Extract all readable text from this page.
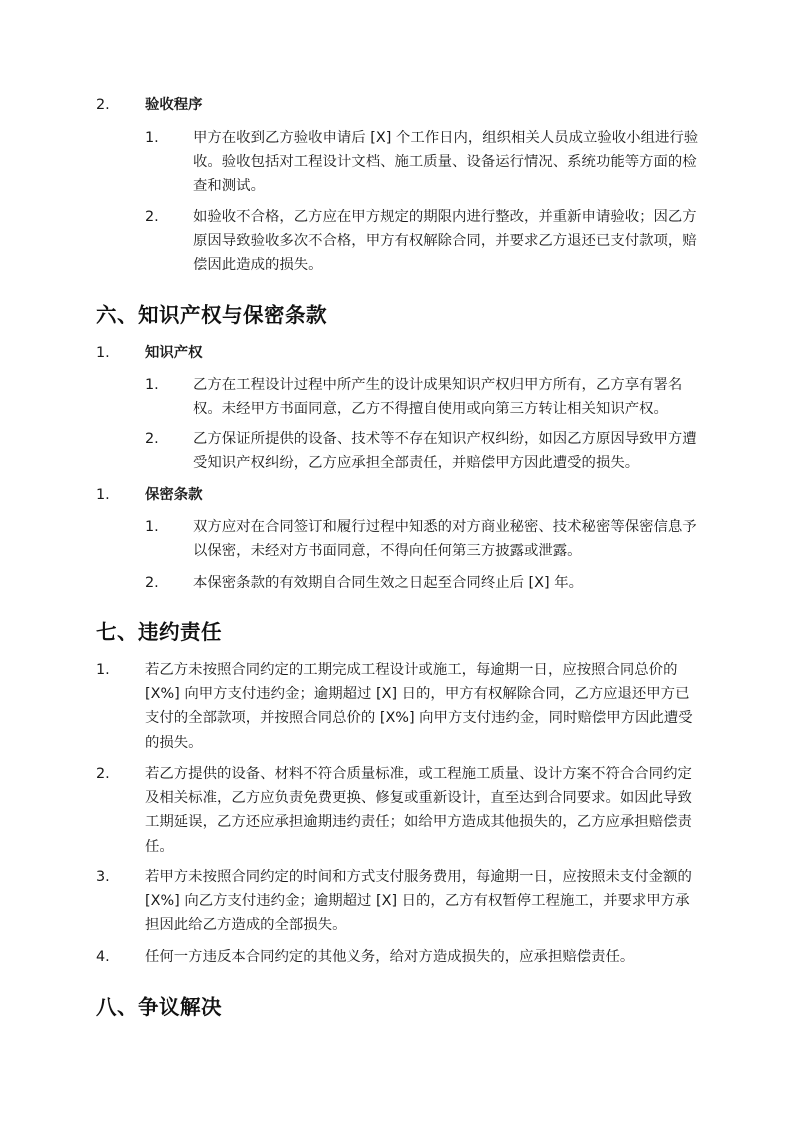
2. 验收程序
1. 甲方在收到乙方验收申请后 [X] 个工作日内，组织相关人员成立验收小组进行验收。验收包括对工程设计文档、施工质量、设备运行情况、系统功能等方面的检查和测试。
2. 如验收不合格，乙方应在甲方规定的期限内进行整改，并重新申请验收；因乙方原因导致验收多次不合格，甲方有权解除合同，并要求乙方退还已支付款项，赔偿因此造成的损失。
六、知识产权与保密条款
1. 知识产权
1. 乙方在工程设计过程中所产生的设计成果知识产权归甲方所有，乙方享有署名权。未经甲方书面同意，乙方不得擅自使用或向第三方转让相关知识产权。
2. 乙方保证所提供的设备、技术等不存在知识产权纠纷，如因乙方原因导致甲方遭受知识产权纠纷，乙方应承担全部责任，并赔偿甲方因此遭受的损失。
1. 保密条款
1. 双方应对在合同签订和履行过程中知悉的对方商业秘密、技术秘密等保密信息予以保密，未经对方书面同意，不得向任何第三方披露或泄露。
2. 本保密条款的有效期自合同生效之日起至合同终止后 [X] 年。
七、违约责任
1. 若乙方未按照合同约定的工期完成工程设计或施工，每逾期一日，应按照合同总价的 [X%] 向甲方支付违约金；逾期超过 [X] 日的，甲方有权解除合同，乙方应退还甲方已支付的全部款项，并按照合同总价的 [X%] 向甲方支付违约金，同时赔偿甲方因此遭受的损失。
2. 若乙方提供的设备、材料不符合质量标准，或工程施工质量、设计方案不符合合同约定及相关标准，乙方应负责免费更换、修复或重新设计，直至达到合同要求。如因此导致工期延误，乙方还应承担逾期违约责任；如给甲方造成其他损失的，乙方应承担赔偿责任。
3. 若甲方未按照合同约定的时间和方式支付服务费用，每逾期一日，应按照未支付金额的 [X%] 向乙方支付违约金；逾期超过 [X] 日的，乙方有权暂停工程施工，并要求甲方承担因此给乙方造成的全部损失。
4. 任何一方违反本合同约定的其他义务，给对方造成损失的，应承担赔偿责任。
八、争议解决
